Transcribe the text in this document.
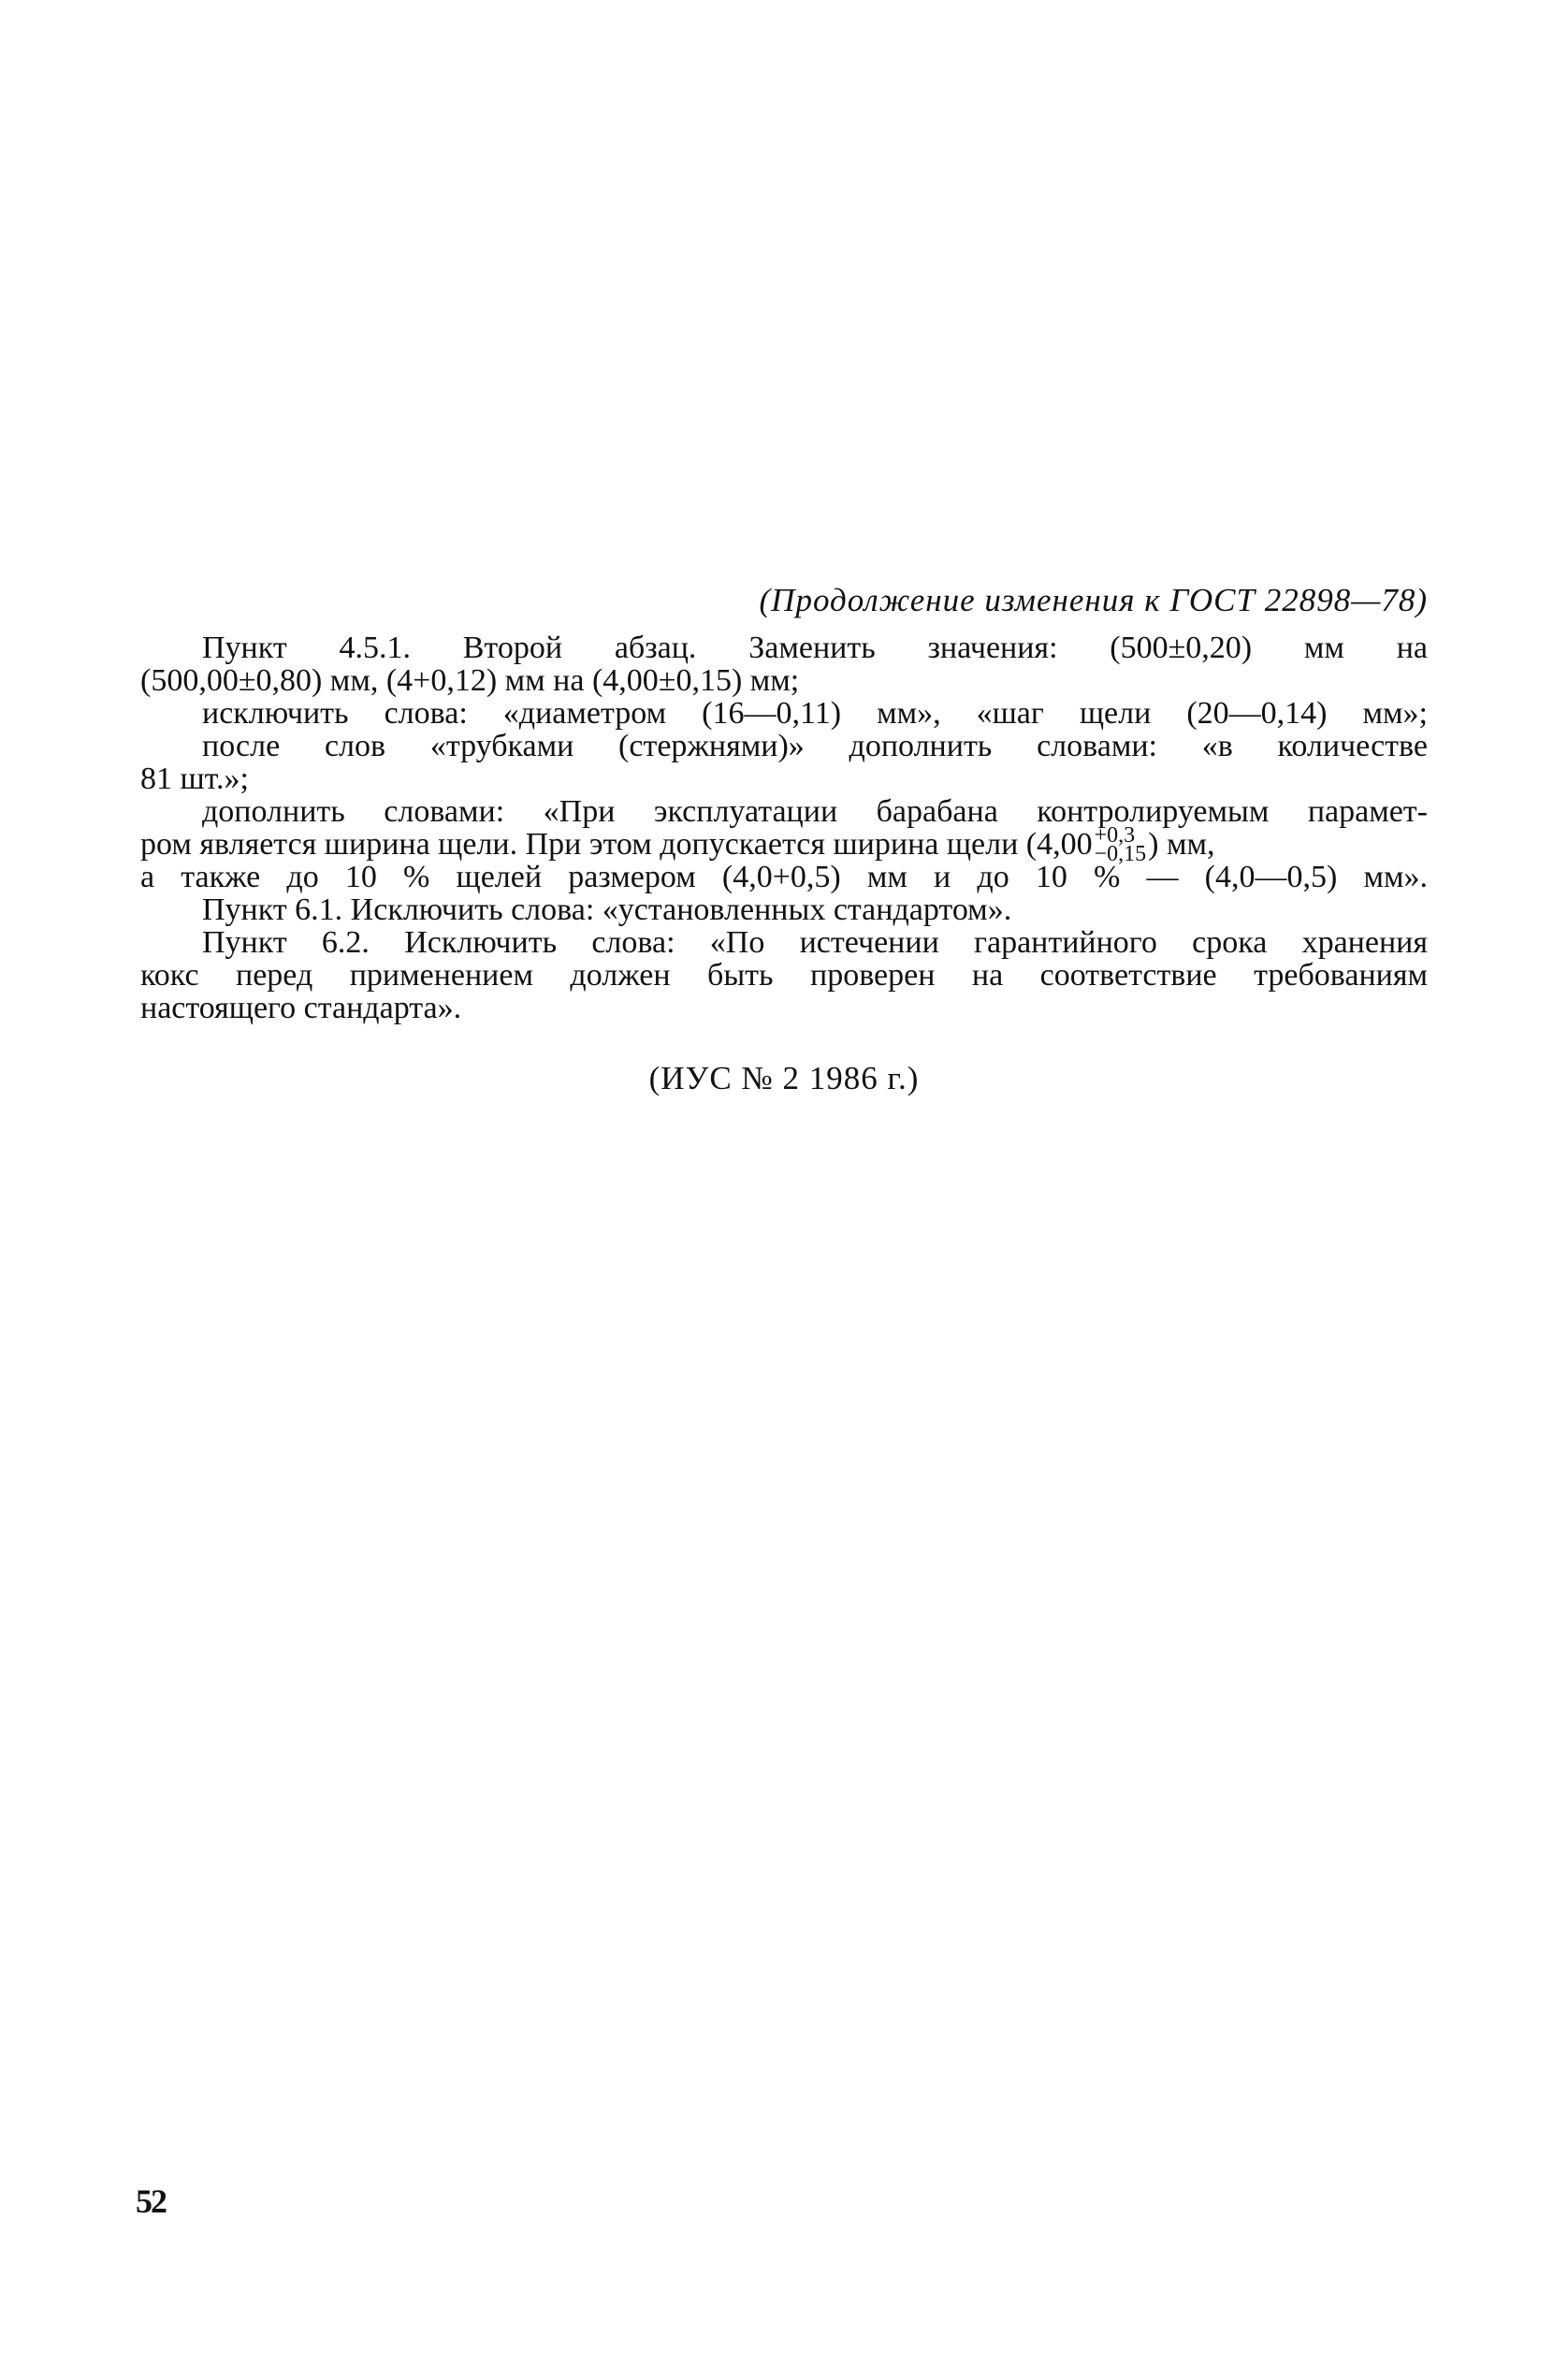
(Продолжение изменения к ГОСТ 22898—78)
Пункт 4.5.1. Второй абзац. Заменить значения: (500±0,20) мм на
(500,00±0,80) мм, (4+0,12) мм на (4,00±0,15) мм;
исключить слова: «диаметром (16—0,11) мм», «шаг щели (20—0,14) мм»;
после слов «трубками (стержнями)» дополнить словами: «в количестве
81 шт.»;
дополнить словами: «При эксплуатации барабана контролируемым парамет-
ром является ширина щели. При этом допускается ширина щели (4,00 +0,3
−0,15 ) мм,
а также до 10 % щелей размером (4,0+0,5) мм и до 10 % — (4,0—0,5) мм».
Пункт 6.1. Исключить слова: «установленных стандартом».
Пункт 6.2. Исключить слова: «По истечении гарантийного срока хранения
кокс перед применением должен быть проверен на соответствие требованиям
настоящего стандарта».
(ИУС № 2 1986 г.)
52
